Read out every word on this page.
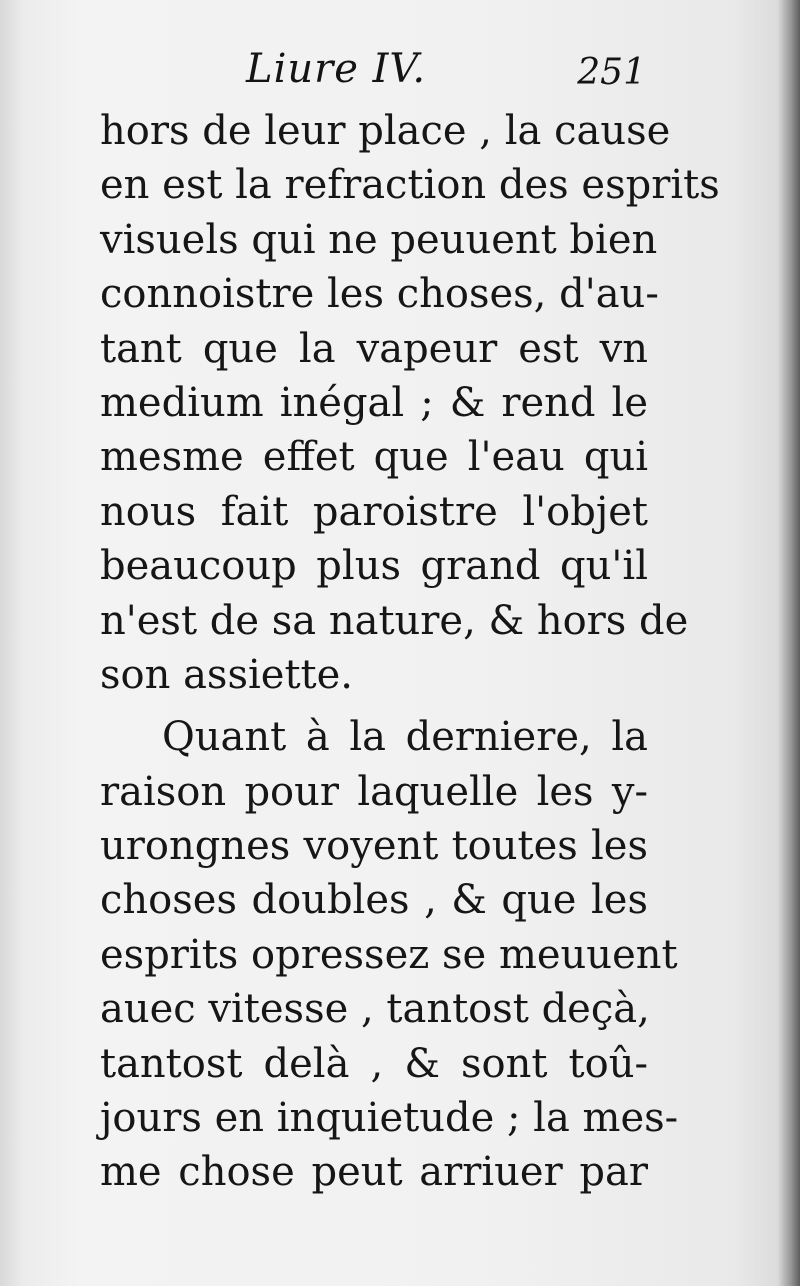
Liure IV.	251
hors de leur place , la cause
en est la refraction des esprits
visuels qui ne peuuent bien
connoistre les choses, d'au-
tant que la vapeur est vn
medium inégal ; & rend le
mesme effet que l'eau qui
nous fait paroistre l'objet
beaucoup plus grand qu'il
n'est de sa nature, & hors de
son assiette.
Quant à la derniere, la
raison pour laquelle les y-
urongnes voyent toutes les
choses doubles , & que les
esprits opressez se meuuent
auec vitesse , tantost deçà,
tantost delà , & sont toû-
jours en inquietude ; la mes-
me chose peut arriuer par
